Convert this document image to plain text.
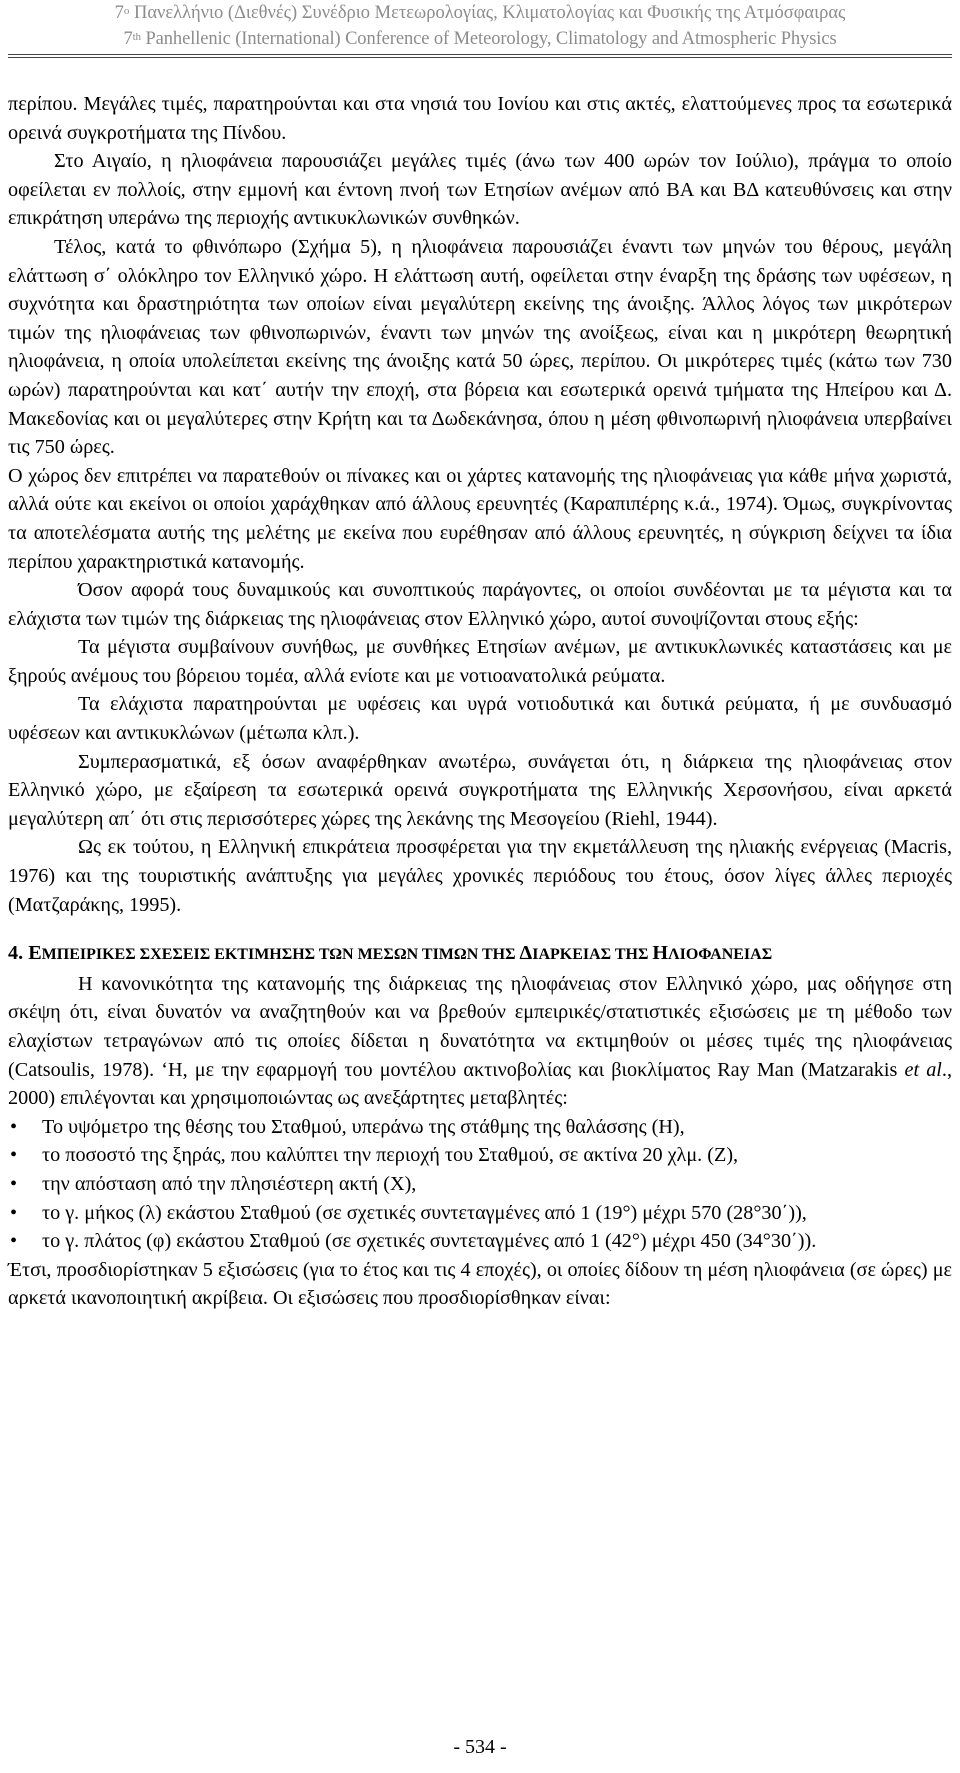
$7^o$ Πανελλήνιο (Διεθνές) Συνέδριο Μετεωρολογίας, Κλιματολογίας και Φυσικής της Ατμόσφαιρας
7th Panhellenic (International) Conference of Meteorology, Climatology and Atmospheric Physics

περίπου. Μεγάλες τιμές, παρατηρούνται και στα νησιά του Ιονίου και στις ακτές, ελαττούμενες προς τα εσωτερικά ορεινά συγκροτήματα της Πίνδου.

Στο Αιγαίο, η ηλιοφάνεια παρουσιάζει μεγάλες τιμές (άνω των 400 ωρών τον Ιούλιο), πράγμα το οποίο οφείλεται εν πολλοίς, στην εμμονή και έντονη πνοή των Ετησίων ανέμων από ΒΑ και ΒΔ κατευθύνσεις και στην επικράτηση υπεράνω της περιοχής αντικυκλωνικών συνθηκών.

Τέλος, κατά το φθινόπωρο (Σχήμα 5), η ηλιοφάνεια παρουσιάζει έναντι των μηνών του θέρους, μεγάλη ελάττωση σ΄ ολόκληρο τον Ελληνικό χώρο. Η ελάττωση αυτή, οφείλεται στην έναρξη της δράσης των υφέσεων, η συχνότητα και δραστηριότητα των οποίων είναι μεγαλύτερη εκείνης της άνοιξης. Άλλος λόγος των μικρότερων τιμών της ηλιοφάνειας των φθινοπωρινών, έναντι των μηνών της ανοίξεως, είναι και η μικρότερη θεωρητική ηλιοφάνεια, η οποία υπολείπεται εκείνης της άνοιξης κατά 50 ώρες, περίπου. Οι μικρότερες τιμές (κάτω των 730 ωρών) παρατηρούνται και κατ΄ αυτήν την εποχή, στα βόρεια και εσωτερικά ορεινά τμήματα της Ηπείρου και Δ. Μακεδονίας και οι μεγαλύτερες στην Κρήτη και τα Δωδεκάνησα, όπου η μέση φθινοπωρινή ηλιοφάνεια υπερβαίνει τις 750 ώρες.

Ο χώρος δεν επιτρέπει να παρατεθούν οι πίνακες και οι χάρτες κατανομής της ηλιοφάνειας για κάθε μήνα χωριστά, αλλά ούτε και εκείνοι οι οποίοι χαράχθηκαν από άλλους ερευνητές (Καραπιπέρης κ.ά., 1974). Όμως, συγκρίνοντας τα αποτελέσματα αυτής της μελέτης με εκείνα που ευρέθησαν από άλλους ερευνητές, η σύγκριση δείχνει τα ίδια περίπου χαρακτηριστικά κατανομής.

Όσον αφορά τους δυναμικούς και συνοπτικούς παράγοντες, οι οποίοι συνδέονται με τα μέγιστα και τα ελάχιστα των τιμών της διάρκειας της ηλιοφάνειας στον Ελληνικό χώρο, αυτοί συνοψίζονται στους εξής:

Τα μέγιστα συμβαίνουν συνήθως, με συνθήκες Ετησίων ανέμων, με αντικυκλωνικές καταστάσεις και με ξηρούς ανέμους του βόρειου τομέα, αλλά ενίοτε και με νοτιοανατολικά ρεύματα.

Τα ελάχιστα παρατηρούνται με υφέσεις και υγρά νοτιοδυτικά και δυτικά ρεύματα, ή με συνδυασμό υφέσεων και αντικυκλώνων (μέτωπα κλπ.).

Συμπερασματικά, εξ όσων αναφέρθηκαν ανωτέρω, συνάγεται ότι, η διάρκεια της ηλιοφάνειας στον Ελληνικό χώρο, με εξαίρεση τα εσωτερικά ορεινά συγκροτήματα της Ελληνικής Χερσονήσου, είναι αρκετά μεγαλύτερη απ΄ ότι στις περισσότερες χώρες της λεκάνης της Μεσογείου (Riehl, 1944).

Ως εκ τούτου, η Ελληνική επικράτεια προσφέρεται για την εκμετάλλευση της ηλιακής ενέργειας (Macris, 1976) και της τουριστικής ανάπτυξης για μεγάλες χρονικές περιόδους του έτους, όσον λίγες άλλες περιοχές (Ματζαράκης, 1995).

4. ΕΜΠΕΙΡΙΚΕΣ ΣΧΕΣΕΙΣ ΕΚΤΙΜΗΣΗΣ ΤΩΝ ΜΕΣΩΝ ΤΙΜΩΝ ΤΗΣ ΔΙΑΡΚΕΙΑΣ ΤΗΣ ΗΛΙΟΦΑΝΕΙΑΣ

Η κανονικότητα της κατανομής της διάρκειας της ηλιοφάνειας στον Ελληνικό χώρο, μας οδήγησε στη σκέψη ότι, είναι δυνατόν να αναζητηθούν και να βρεθούν εμπειρικές/στατιστικές εξισώσεις με τη μέθοδο των ελαχίστων τετραγώνων από τις οποίες δίδεται η δυνατότητα να εκτιμηθούν οι μέσες τιμές της ηλιοφάνειας (Catsoulis, 1978). ‘Η, με την εφαρμογή του μοντέλου ακτινοβολίας και βιοκλίματος Ray Man (Matzarakis et al., 2000) επιλέγονται και χρησιμοποιώντας ως ανεξάρτητες μεταβλητές:

• Το υψόμετρο της θέσης του Σταθμού, υπεράνω της στάθμης της θαλάσσης (Η),
• το ποσοστό της ξηράς, που καλύπτει την περιοχή του Σταθμού, σε ακτίνα 20 χλμ. (Ζ),
• την απόσταση από την πλησιέστερη ακτή (Χ),
• το γ. μήκος (λ) εκάστου Σταθμού (σε σχετικές συντεταγμένες από 1 (19°) μέχρι 570 (28°30΄)),
• το γ. πλάτος (φ) εκάστου Σταθμού (σε σχετικές συντεταγμένες από 1 (42°) μέχρι 450 (34°30΄)).

Έτσι, προσδιορίστηκαν 5 εξισώσεις (για το έτος και τις 4 εποχές), οι οποίες δίδουν τη μέση ηλιοφάνεια (σε ώρες) με αρκετά ικανοποιητική ακρίβεια. Οι εξισώσεις που προσδιορίσθηκαν είναι:

- 534 -
